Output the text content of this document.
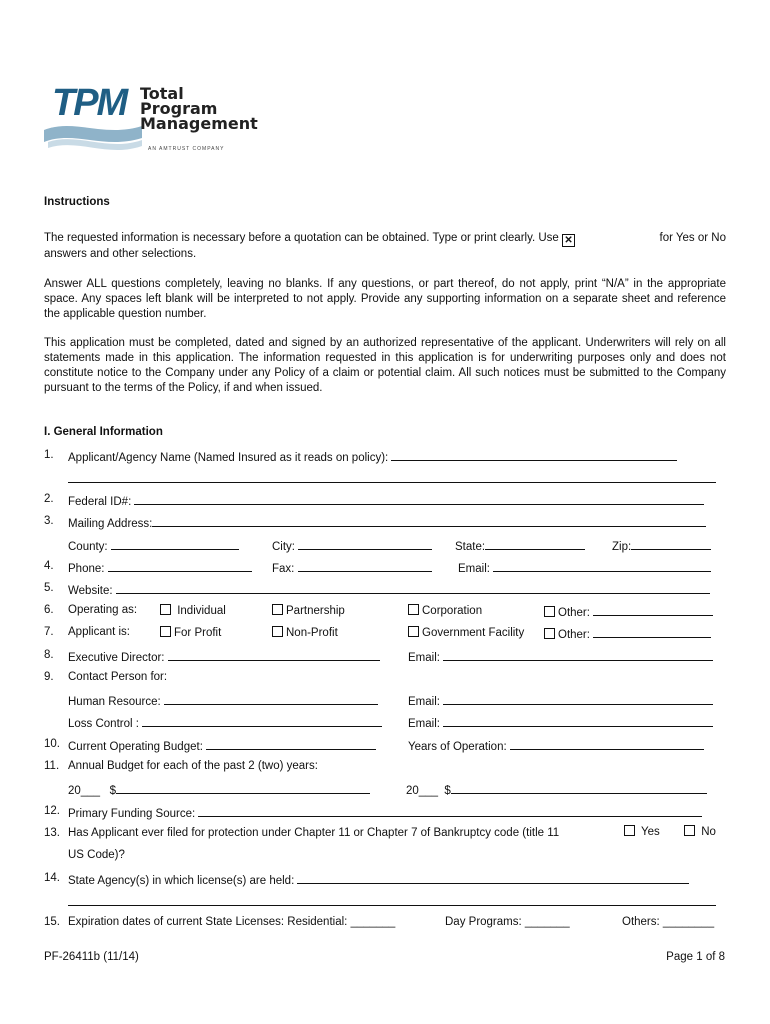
TPM Total
Program
Management
AN AMTRUST COMPANY
Instructions
The requested information is necessary before a quotation can be obtained. Type or print clearly. Use ✕	for Yes or No
answers and other selections.
Answer ALL questions completely, leaving no blanks. If any questions, or part thereof, do not apply, print “N/A” in the appropriate space. Any spaces left blank will be interpreted to not apply. Provide any supporting information on a separate sheet and reference the applicable question number.
This application must be completed, dated and signed by an authorized representative of the applicant. Underwriters will rely on all statements made in this application. The information requested in this application is for underwriting purposes only and does not constitute notice to the Company under any Policy of a claim or potential claim. All such notices must be submitted to the Company pursuant to the terms of the Policy, if and when issued.
I. General Information
1. Applicant/Agency Name (Named Insured as it reads on policy):
2. Federal ID#:
3. Mailing Address:
County:	City:	State:	Zip:
4. Phone:	Fax:	Email:
5. Website:
6. Operating as:	Individual	Partnership	Corporation	Other:
7. Applicant is:	For Profit	Non-Profit	Government Facility	Other:
8. Executive Director:	Email:
9. Contact Person for:
Human Resource:	Email:
Loss Control :	Email:
10. Current Operating Budget:	Years of Operation:
11. Annual Budget for each of the past 2 (two) years:
20___ $	20___ $
12. Primary Funding Source:
13. Has Applicant ever filed for protection under Chapter 11 or Chapter 7 of Bankruptcy code (title 11	Yes	No
US Code)?
14. State Agency(s) in which license(s) are held:
15. Expiration dates of current State Licenses: Residential: _______	Day Programs: _______	Others: ________
PF-26411b (11/14)	Page 1 of 8
